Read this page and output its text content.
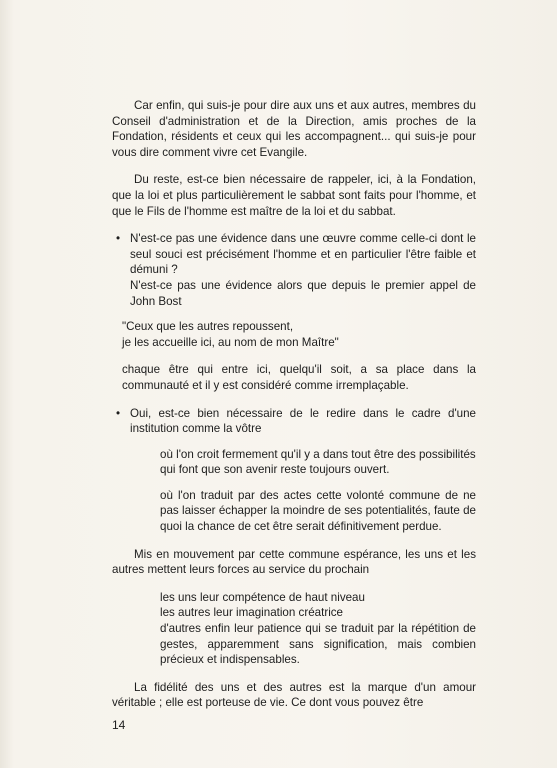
Car enfin, qui suis-je pour dire aux uns et aux autres, membres du Conseil d'administration et de la Direction, amis proches de la Fondation, résidents et ceux qui les accompagnent... qui suis-je pour vous dire comment vivre cet Evangile.

Du reste, est-ce bien nécessaire de rappeler, ici, à la Fondation, que la loi et plus particulièrement le sabbat sont faits pour l'homme, et que le Fils de l'homme est maître de la loi et du sabbat.

• N'est-ce pas une évidence dans une œuvre comme celle-ci dont le seul souci est précisément l'homme et en particulier l'être faible et démuni ?

N'est-ce pas une évidence alors que depuis le premier appel de John Bost

"Ceux que les autres repoussent,

je les accueille ici, au nom de mon Maître"

chaque être qui entre ici, quelqu'il soit, a sa place dans la communauté et il y est considéré comme irremplaçable.

• Oui, est-ce bien nécessaire de le redire dans le cadre d'une institution comme la vôtre

où l'on croit fermement qu'il y a dans tout être des possibilités qui font que son avenir reste toujours ouvert.

où l'on traduit par des actes cette volonté commune de ne pas laisser échapper la moindre de ses potentialités, faute de quoi la chance de cet être serait définitivement perdue.

Mis en mouvement par cette commune espérance, les uns et les autres mettent leurs forces au service du prochain

les uns leur compétence de haut niveau

les autres leur imagination créatrice

d'autres enfin leur patience qui se traduit par la répétition de gestes, apparemment sans signification, mais combien précieux et indispensables.

La fidélité des uns et des autres est la marque d'un amour véritable ; elle est porteuse de vie. Ce dont vous pouvez être

14
